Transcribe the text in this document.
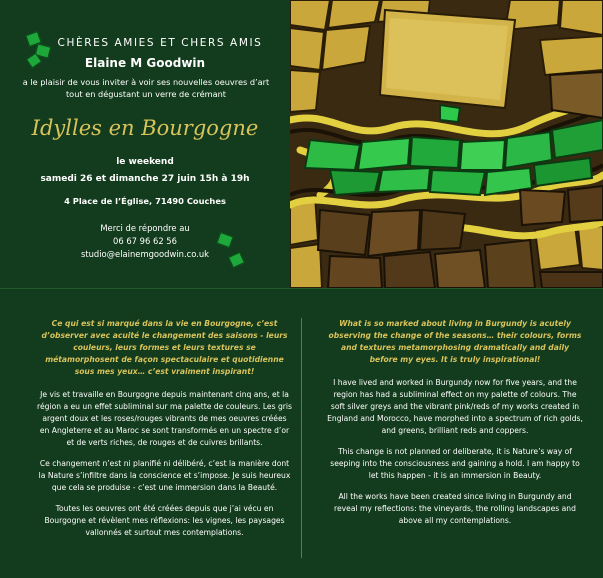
CHÈRES AMIES ET CHERS AMIS
Elaine M Goodwin
a le plaisir de vous inviter à voir ses nouvelles oeuvres d’art
tout en dégustant un verre de crémant
Idylles en Bourgogne
le weekend
samedi 26 et dimanche 27 juin 15h à 19h
4 Place de l’Église, 71490 Couches
Merci de répondre au
06 67 96 62 56
studio@elainemgoodwin.co.uk

Ce qui est si marqué dans la vie en Bourgogne, c’est d’observer avec acuité le changement des saisons - leurs couleurs, leurs formes et leurs textures se métamorphosent de façon spectaculaire et quotidienne sous mes yeux… c’est vraiment inspirant!

Je vis et travaille en Bourgogne depuis maintenant cinq ans, et la région a eu un effet subliminal sur ma palette de couleurs. Les gris argent doux et les roses/rouges vibrants de mes oeuvres créées en Angleterre et au Maroc se sont transformés en un spectre d’or et de verts riches, de rouges et de cuivres brillants.

Ce changement n’est ni planifié ni délibéré, c’est la manière dont la Nature s’infiltre dans la conscience et s’impose. Je suis heureux que cela se produise - c’est une immersion dans la Beauté.

Toutes les oeuvres ont été créées depuis que j’ai vécu en Bourgogne et révèlent mes réflexions: les vignes, les paysages vallonnés et surtout mes contemplations.

What is so marked about living in Burgundy is acutely observing the change of the seasons… their colours, forms and textures metamorphosing dramatically and daily before my eyes. It is truly inspirational!

I have lived and worked in Burgundy now for five years, and the region has had a subliminal effect on my palette of colours. The soft silver greys and the vibrant pink/reds of my works created in England and Morocco, have morphed into a spectrum of rich golds, and greens, brilliant reds and coppers.

This change is not planned or deliberate, it is Nature’s way of seeping into the consciousness and gaining a hold. I am happy to let this happen - it is an immersion in Beauty.

All the works have been created since living in Burgundy and reveal my reflections: the vineyards, the rolling landscapes and above all my contemplations.
